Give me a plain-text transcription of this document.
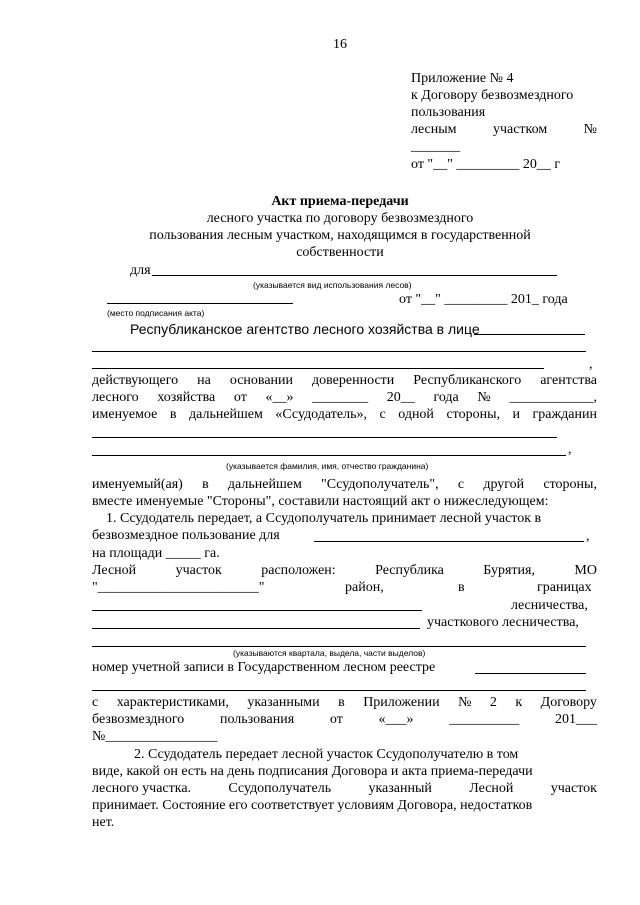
16
Приложение № 4
к Договору безвозмездного
пользования
лесным	участком	№
_______
от "__" _________ 20__ г
Акт приема-передачи
лесного участка по договору безвозмездного
пользования лесным участком, находящимся в государственной
собственности
для
(указывается вид использования лесов)
от "__" _________ 201_ года
(место подписания акта)
Республиканское агентство лесного хозяйства в лице
,
действующего на основании доверенности Республиканского агентства
лесного хозяйства от «__» ________ 20__ года № ____________,
именуемое в дальнейшем «Ссудодатель», с одной стороны, и гражданин
,
(указывается фамилия, имя, отчество гражданина)
именуемый(ая) в дальнейшем "Ссудополучатель", с другой стороны,
вместе именуемые "Стороны", составили настоящий акт о нижеследующем:
1. Ссудодатель передает, а Ссудополучатель принимает лесной участок в
безвозмездное пользование для	,
на площади _____ га.
Лесной	участок	расположен:	Республика	Бурятия,	МО
"_______________________"	район,	в	границах
лесничества,
участкового лесничества,
(указываются квартала, выдела, части выделов)
номер учетной записи в Государственном лесном реестре
с характеристиками, указанными в Приложении № 2 к Договору
безвозмездного	пользования	от	«___»	__________	201___
№________________
2. Ссудодатель передает лесной участок Ссудополучателю в том
виде, какой он есть на день подписания Договора и акта приема-передачи
лесного участка.	Ссудополучатель	указанный	Лесной	участок
принимает. Состояние его соответствует условиям Договора, недостатков
нет.
